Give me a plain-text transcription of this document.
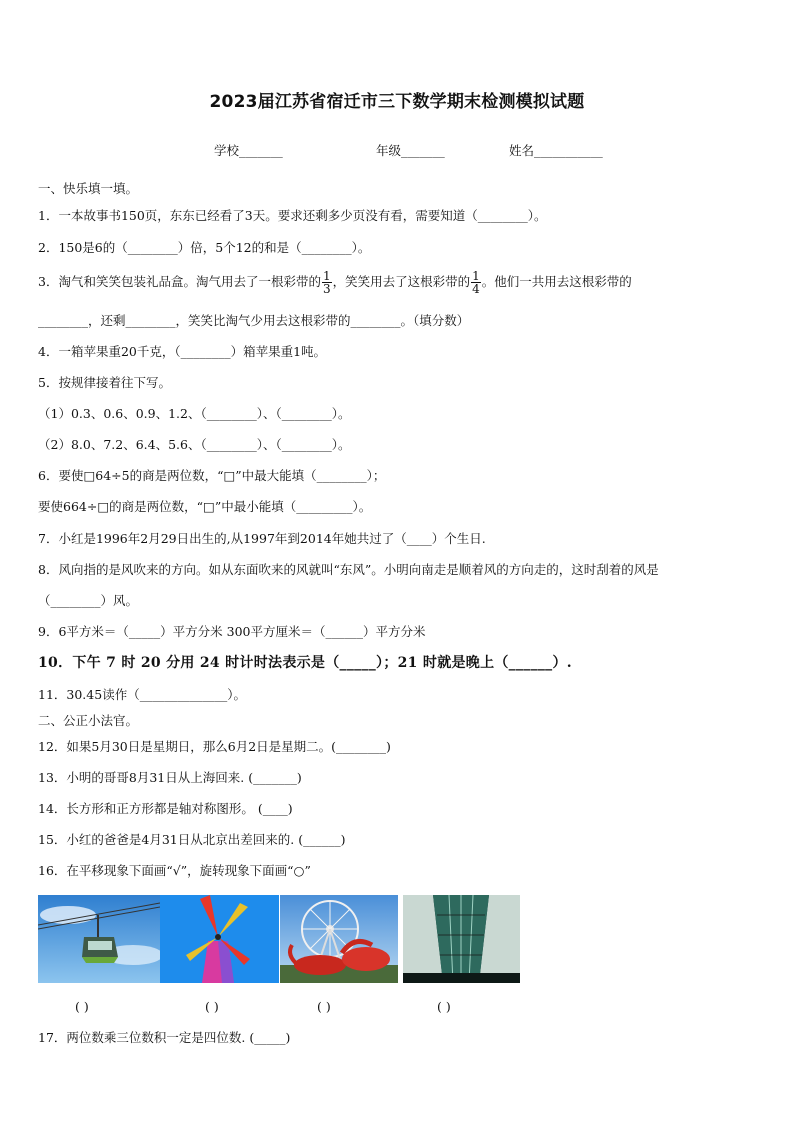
2023届江苏省宿迁市三下数学期末检测模拟试题
学校_______	年级_______	姓名___________
一、快乐填一填。
1．一本故事书150页，东东已经看了3天。要求还剩多少页没有看，需要知道（________）。
2．150是6的（________）倍，5个12的和是（________）。
3．淘气和笑笑包装礼品盒。淘气用去了一根彩带的 $\frac{1}{3}$ ，笑笑用去了这根彩带的 $\frac{1}{4}$ 。他们一共用去这根彩带的
________，还剩________，笑笑比淘气少用去这根彩带的________。（填分数）
4．一箱苹果重20千克，（________）箱苹果重1吨。
5．按规律接着往下写。
（1）0.3、0.6、0.9、1.2、（________）、（________）。
（2）8.0、7.2、6.4、5.6、（________）、（________）。
6．要使□64÷5的商是两位数，“□”中最大能填（________）；
要使664÷□的商是两位数，“□”中最小能填（_________）。
7．小红是1996年2月29日出生的,从1997年到2014年她共过了（____）个生日.
8．风向指的是风吹来的方向。如从东面吹来的风就叫“东风”。小明向南走是顺着风的方向走的，这时刮着的风是
（________）风。
9．6平方米＝（_____）平方分米 300平方厘米＝（______）平方分米
10．下午 7 时 20 分用 24 时计时法表示是（_____）；21 时就是晚上（______）.
11．30.45读作（______________）。
二、公正小法官。
12．如果5月30日是星期日，那么6月2日是星期二。(________)
13．小明的哥哥8月31日从上海回来. (_______)
14．长方形和正方形都是轴对称图形。 (____)
15．小红的爸爸是4月31日从北京出差回来的. (______)
16．在平移现象下面画“√”，旋转现象下面画“○”
( )	( )	( )	( )
17．两位数乘三位数积一定是四位数. (_____)
